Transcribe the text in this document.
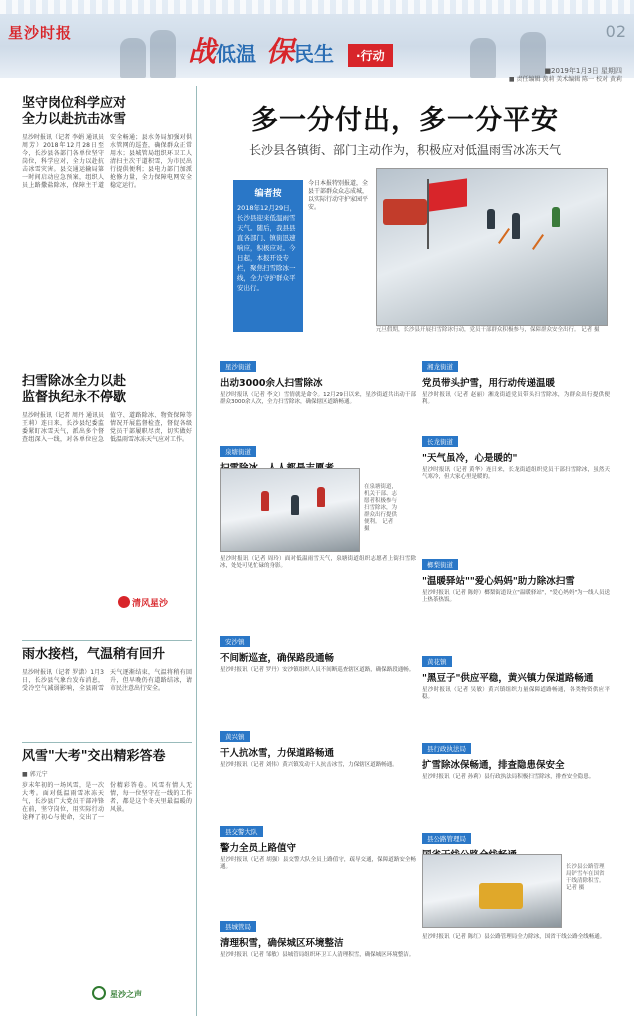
星沙时报	02
战低温 保民生 ·行动
■2019年1月3日 星期四
■ 责任编辑 黄莉 美术编辑 陈一 校对 黄莉
坚守岗位科学应对
全力以赴抗击冰雪
星沙时报讯（记者 李娟 通讯员 周芳）2018年12月28日至今，长沙县各部门各单位坚守岗位，科学应对，全力以赴抗击冰雪灾害。县交通运输局第一时间启动应急预案，组织人员上路撒盐除冰，保障主干道安全畅通；县水务局加强对供水管网的巡查，确保群众正常用水；县城管局组织环卫工人清扫主次干道积雪，为市民出行提供便利；县电力部门加派抢修力量，全力保障电网安全稳定运行。
扫雪除冰全力以赴
监督执纪永不停歇
星沙时报讯（记者 周丹 通讯员 王莉）连日来，长沙县纪委监委紧盯冰雪天气，派出多个督查组深入一线，对各单位应急值守、道路除冰、物资保障等情况开展监督检查，督促各级党员干部履职尽责，切实做好低温雨雪冰冻天气应对工作。
清风星沙
雨水接档，气温稍有回升
星沙时报讯（记者 罗潇）1月3日，长沙县气象台发布消息，受冷空气减弱影响，全县雨雪天气逐渐结束，气温将稍有回升，但早晚仍有道路结冰，请市民注意出行安全。
风雪"大考"交出精彩答卷
■ 郭元宁
岁末年初的一场风雪，是一次大考。面对低温雨雪冰冻天气，长沙县广大党员干部冲锋在前，坚守岗位，用实际行动诠释了初心与使命，交出了一份精彩答卷。风雪有情人无情，每一位坚守在一线的工作者，都是这个冬天里最温暖的风景。
星沙之声
多一分付出，多一分平安
长沙县各镇街、部门主动作为，积极应对低温雨雪冰冻天气
编者按
2018年12月29日，长沙县迎来低温雨雪天气。随后，我县县直各部门、镇街迅速响应，积极应对。今日起，本报开设专栏，聚焦扫雪除冰一线，全力守护群众平安出行。
今日本报特别报道，全县干部群众众志成城，以实际行动守护家园平安。
元旦假期，长沙县开展扫雪除冰行动，党员干部群众积极参与，保障群众安全出行。 记者 摄
星沙街道
出动3000余人扫雪除冰

星沙时报讯（记者 李文）雪情就是命令。12月29日以来，星沙街道共出动干部群众3000余人次，全力扫雪除冰，确保辖区道路畅通。

泉塘街道
在泉塘街道，机关干部、志愿者积极参与扫雪除冰，为群众出行提供便利。 记者 摄

星沙时报讯（记者 周玲）面对低温雨雪天气，泉塘街道组织志愿者上街扫雪除冰，处处可见忙碌的身影。

安沙镇
不间断巡查，确保路段通畅

星沙时报讯（记者 罗丹）安沙镇组织人员不间断巡查辖区道路，确保路段通畅。

黄兴镇
干人抗冰雪，力保道路畅通

星沙时报讯（记者 刘伟）黄兴镇发动干人抗击冰雪，力保辖区道路畅通。

县交警大队
警力全员上路值守

星沙时报讯（记者 胡强）县交警大队全员上路值守，疏导交通，保障道路安全畅通。

县城管局
清理积雪，确保城区环境整洁

星沙时报讯（记者 邹敏）县城管局组织环卫工人清理积雪，确保城区环境整洁。

湘龙街道
党员带头护雪，用行动传递温暖

星沙时报讯（记者 赵丽）湘龙街道党员带头扫雪除冰，为群众出行提供便利。

长龙街道
"天气虽冷，心是暖的"

星沙时报讯（记者 黄华）连日来，长龙街道组织党员干部扫雪除冰，虽然天气寒冷，但大家心里是暖的。

榔梨街道
"温暖驿站""爱心妈妈"助力除冰扫雪

星沙时报讯（记者 陈婷）榔梨街道设立"温暖驿站"，"爱心妈妈"为一线人员送上热茶热饭。

黄花镇
"黑豆子"供应平稳，黄兴镇力保道路畅通

星沙时报讯（记者 吴敏）黄兴镇组织力量保障道路畅通，各类物资供应平稳。

县行政执法局
扩雪除冰保畅通，排查隐患保安全

星沙时报讯（记者 孙莉）县行政执法局积极扫雪除冰，排查安全隐患。

县公路管理局
长沙县公路管理局铲雪车在国省干线清除积雪。 记者 摄

星沙时报讯（记者 陈红）县公路管理局全力除冰，国省干线公路全线畅通。
